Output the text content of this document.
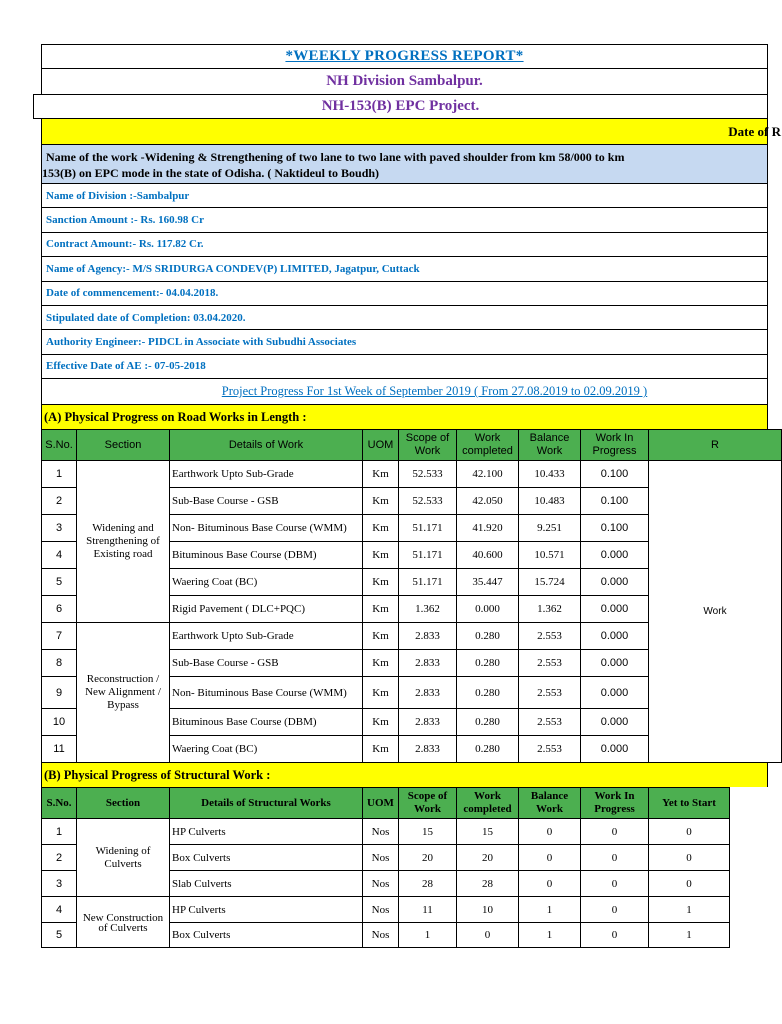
*WEEKLY PROGRESS REPORT*
NH Division Sambalpur.
NH-153(B) EPC Project.
Date of R
Name of the work -Widening & Strengthening of two lane to two lane with paved shoulder from km 58/000 to km
153(B) on EPC mode in the state of Odisha. ( Naktideul to Boudh)
Name of Division :-Sambalpur
Sanction Amount :- Rs. 160.98 Cr
Contract Amount:- Rs. 117.82 Cr.
Name of Agency:- M/S SRIDURGA CONDEV(P) LIMITED, Jagatpur, Cuttack
Date of commencement:- 04.04.2018.
Stipulated date of Completion: 03.04.2020.
Authority Engineer:- PIDCL in Associate with Subudhi Associates
Effective Date of AE :- 07-05-2018
Project Progress For 1st Week of September 2019 ( From 27.08.2019 to 02.09.2019 )
(A) Physical Progress on Road Works in Length :
S.No.	Section	Details of Work	UOM	Scope of Work	Work completed	Balance Work	Work In Progress	R
1	Widening and Strengthening of Existing road	Earthwork Upto Sub-Grade	Km	52.533	42.100	10.433	0.100	Work
2		Sub-Base Course - GSB	Km	52.533	42.050	10.483	0.100	
3		Non- Bituminous Base Course (WMM)	Km	51.171	41.920	9.251	0.100	
4		Bituminous Base Course (DBM)	Km	51.171	40.600	10.571	0.000	
5		Waering Coat (BC)	Km	51.171	35.447	15.724	0.000	
6		Rigid Pavement ( DLC+PQC)	Km	1.362	0.000	1.362	0.000	
7	Reconstruction / New Alignment / Bypass	Earthwork Upto Sub-Grade	Km	2.833	0.280	2.553	0.000	
8		Sub-Base Course - GSB	Km	2.833	0.280	2.553	0.000	
9		Non- Bituminous Base Course (WMM)	Km	2.833	0.280	2.553	0.000	
10		Bituminous Base Course (DBM)	Km	2.833	0.280	2.553	0.000	
11		Waering Coat (BC)	Km	2.833	0.280	2.553	0.000	
(B) Physical Progress of Structural Work :
S.No.	Section	Details of Structural Works	UOM	Scope of Work	Work completed	Balance Work	Work In Progress	Yet to Start
1	Widening of Culverts	HP Culverts	Nos	15	15	0	0	0
2		Box Culverts	Nos	20	20	0	0	0
3		Slab Culverts	Nos	28	28	0	0	0
4	New Construction of Culverts	HP Culverts	Nos	11	10	1	0	1
5		Box Culverts	Nos	1	0	1	0	1
